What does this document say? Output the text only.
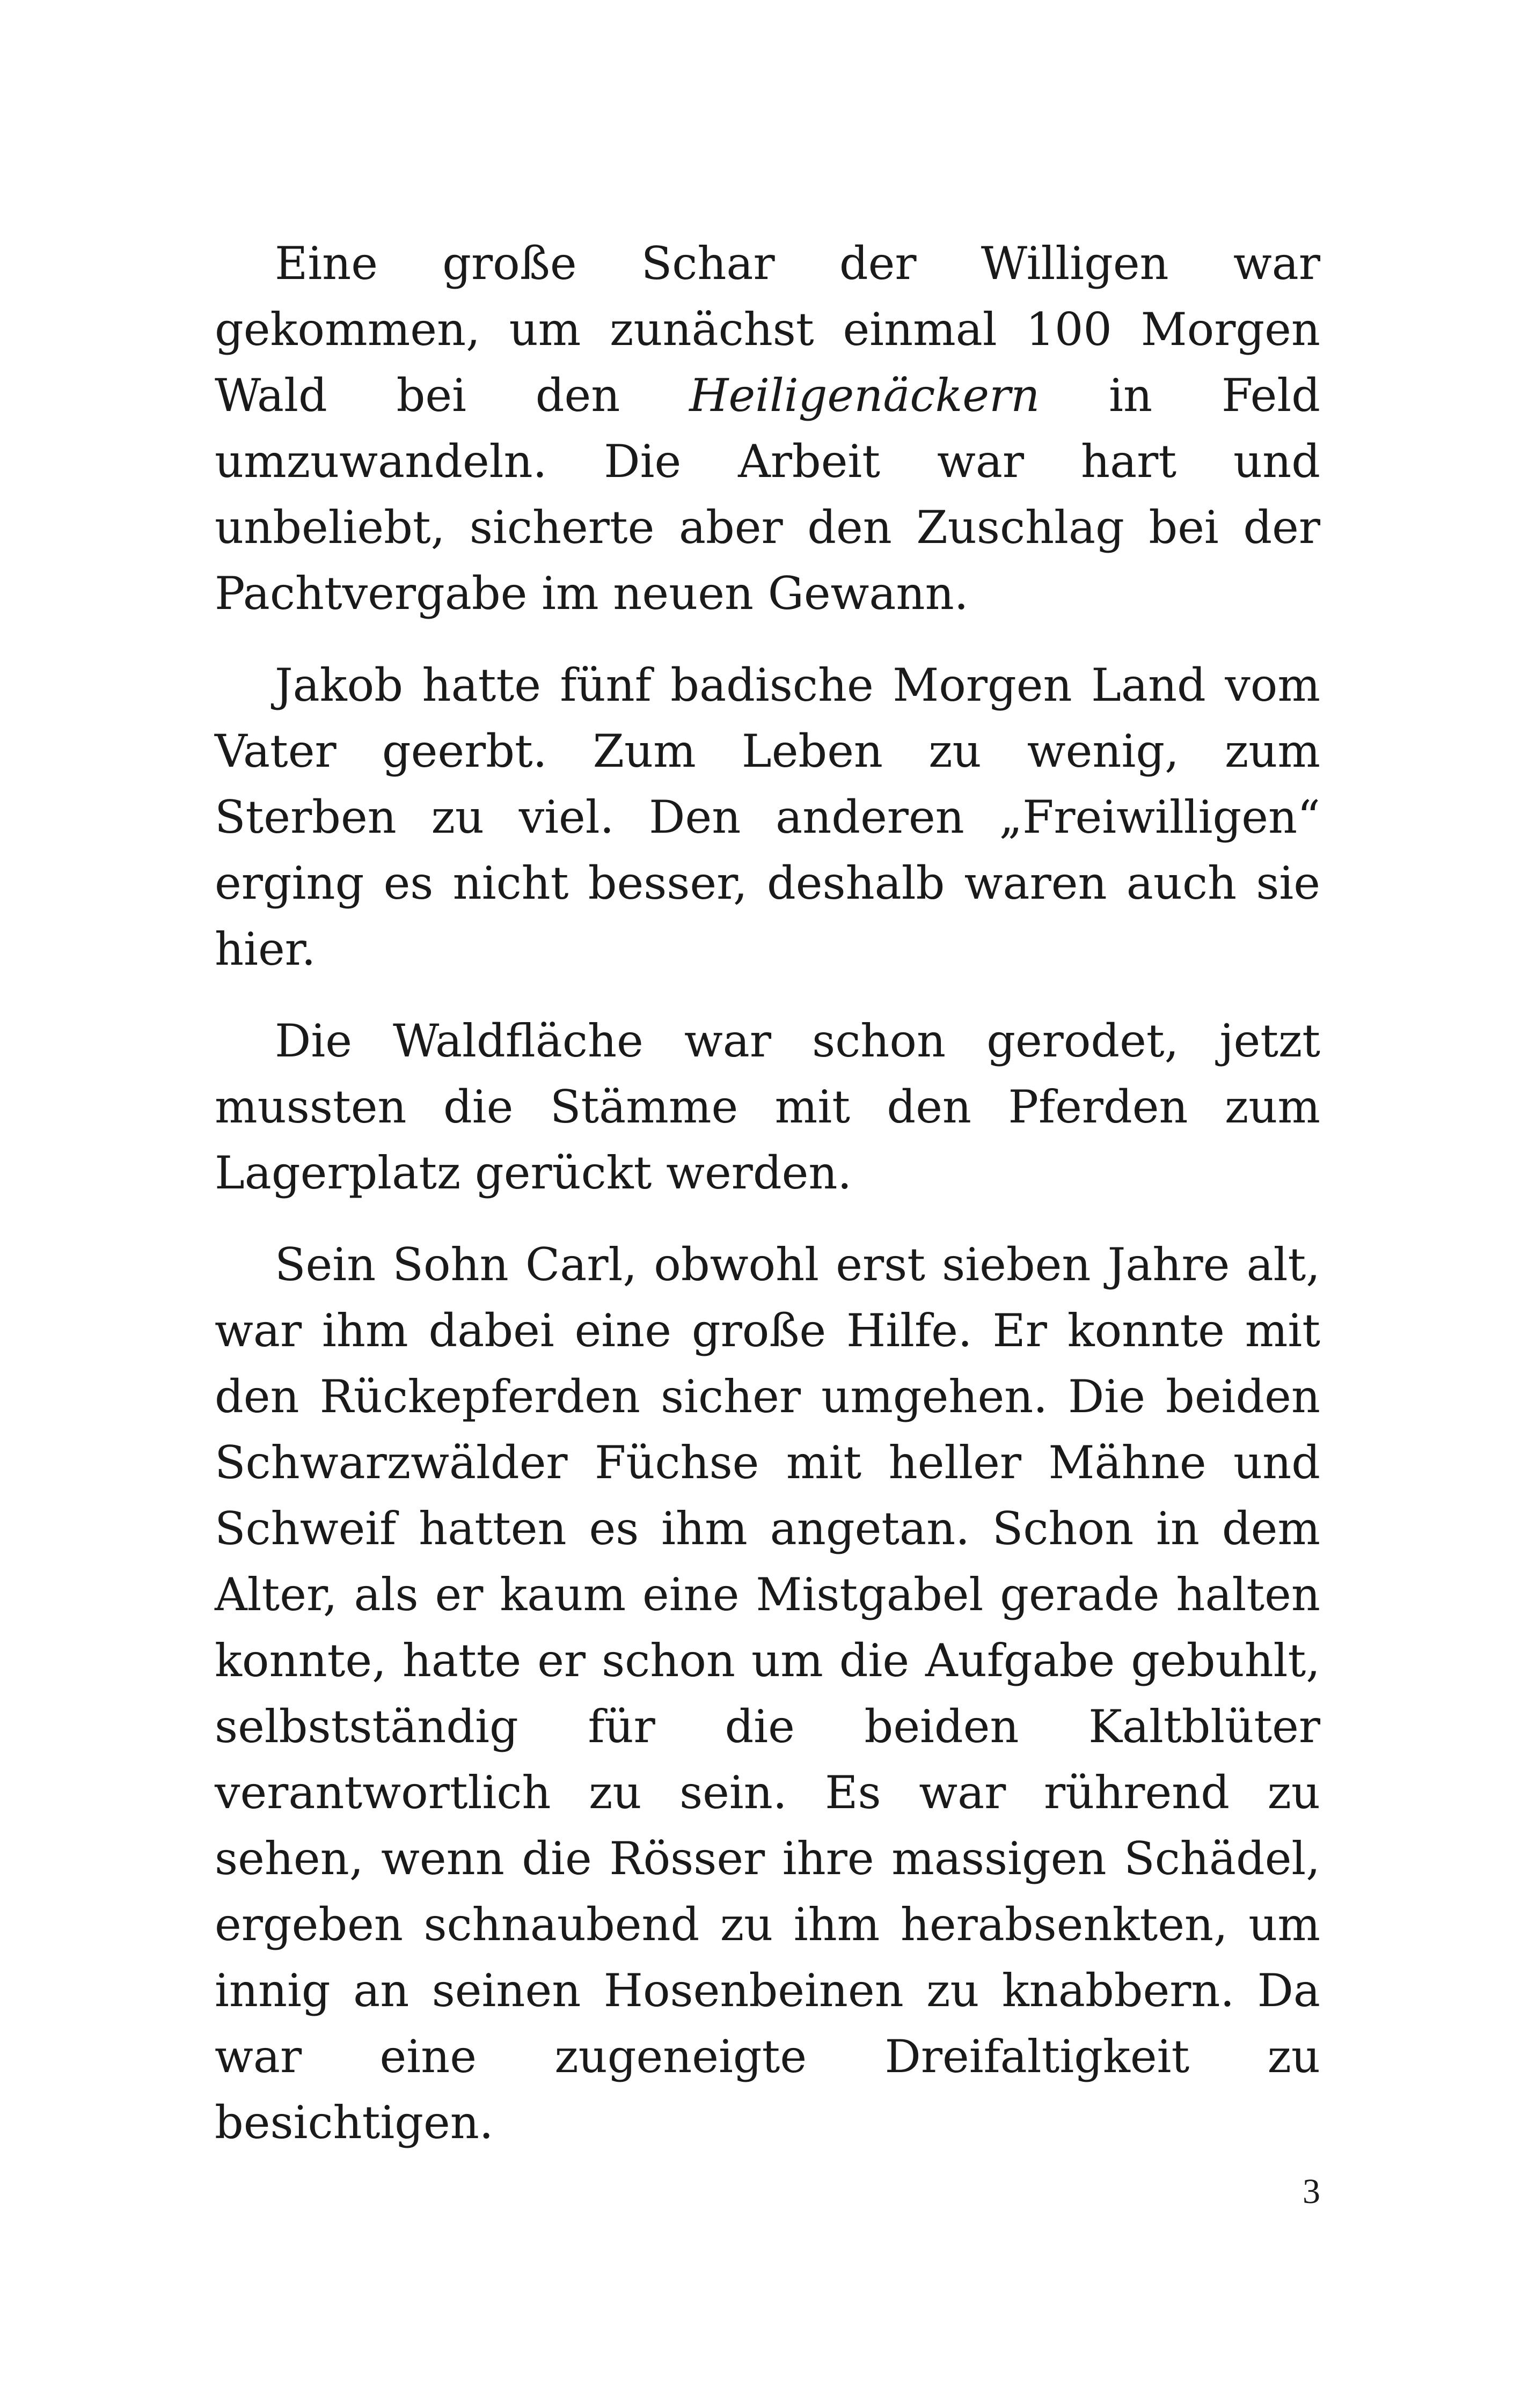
Eine große Schar der Willigen war gekommen, um zunächst einmal 100 Morgen Wald bei den Heiligenäckern in Feld umzuwandeln. Die Arbeit war hart und unbeliebt, sicherte aber den Zuschlag bei der Pachtvergabe im neuen Gewann.

Jakob hatte fünf badische Morgen Land vom Vater geerbt. Zum Leben zu wenig, zum Sterben zu viel. Den anderen „Freiwilligen“ erging es nicht besser, deshalb waren auch sie hier.

Die Waldfläche war schon gerodet, jetzt mussten die Stämme mit den Pferden zum Lagerplatz gerückt werden.

Sein Sohn Carl, obwohl erst sieben Jahre alt, war ihm dabei eine große Hilfe. Er konnte mit den Rückepferden sicher umgehen. Die beiden Schwarzwälder Füchse mit heller Mähne und Schweif hatten es ihm angetan. Schon in dem Alter, als er kaum eine Mistgabel gerade halten konnte, hatte er schon um die Aufgabe gebuhlt, selbstständig für die beiden Kaltblüter verantwortlich zu sein. Es war rührend zu sehen, wenn die Rösser ihre massigen Schädel, ergeben schnaubend zu ihm herabsenkten, um innig an seinen Hosenbeinen zu knabbern. Da war eine zugeneigte Dreifaltigkeit zu besichtigen.

3
